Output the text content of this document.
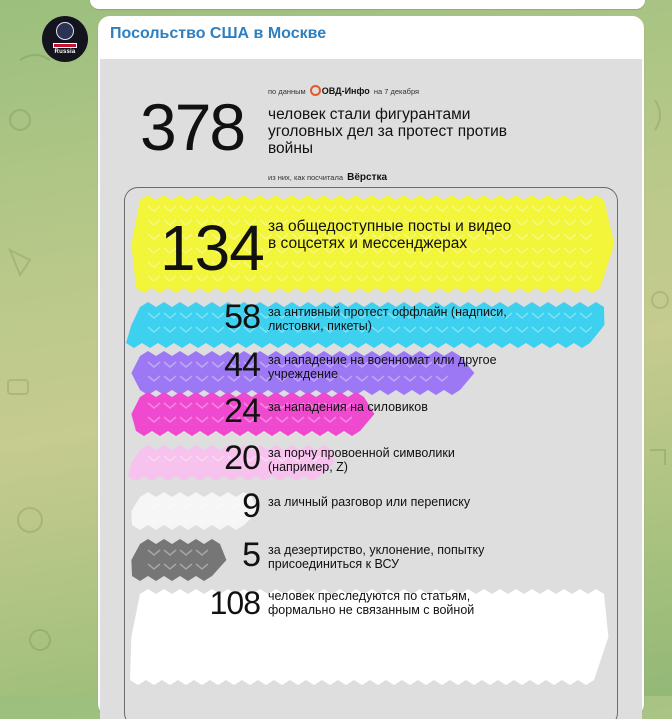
Russia
Посольство США в Москве
по данным ОВД-Инфо на 7 декабря
378 человек стали фигурантами уголовных дел за протест против войны
из них, как посчитала Вёрстка
134 за общедоступные посты и видео в соцсетях и мессенджерах
58 за антивный протест оффлайн (надписи, листовки, пикеты)
44 за нападение на военномат или другое учреждение
24 за нападения на силовиков
20 за порчу провоенной символики (например, Z)
9 за личный разговор или переписку
5 за дезертирство, уклонение, попытку присоединиться к ВСУ
108 человек преследуются по статьям, формально не связанным с войной
